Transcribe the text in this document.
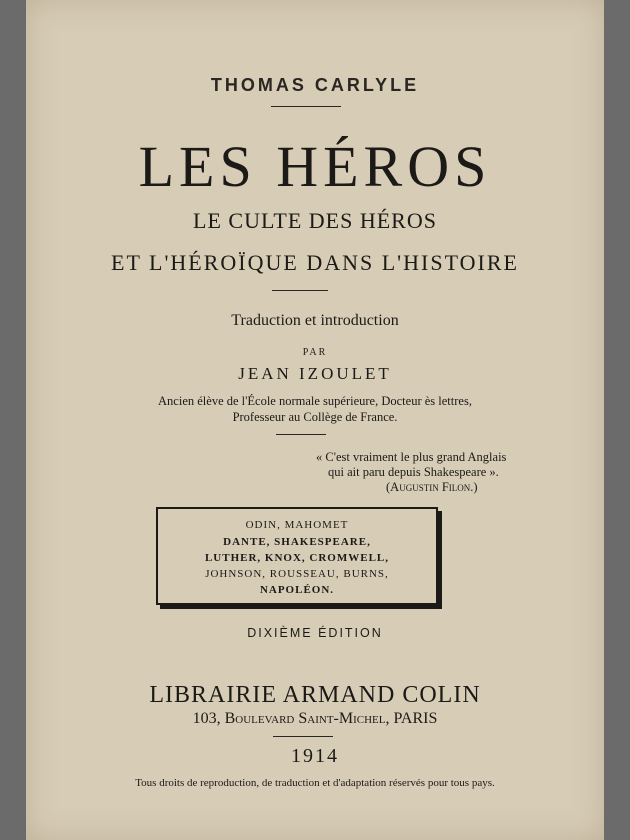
THOMAS CARLYLE
LES HÉROS
LE CULTE DES HÉROS
ET L'HÉROÏQUE DANS L'HISTOIRE
Traduction et introduction
PAR
JEAN IZOULET
Ancien élève de l'École normale supérieure, Docteur ès lettres,
Professeur au Collège de France.
« C'est vraiment le plus grand Anglais
qui ait paru depuis Shakespeare ».
(Augustin Filon.)
ODIN, MAHOMET
DANTE, SHAKESPEARE,
LUTHER, KNOX, CROMWELL,
JOHNSON, ROUSSEAU, BURNS,
NAPOLÉON.
DIXIÈME ÉDITION
LIBRAIRIE ARMAND COLIN
103, Boulevard Saint-Michel, PARIS
1914
Tous droits de reproduction, de traduction et d'adaptation réservés pour tous pays.
